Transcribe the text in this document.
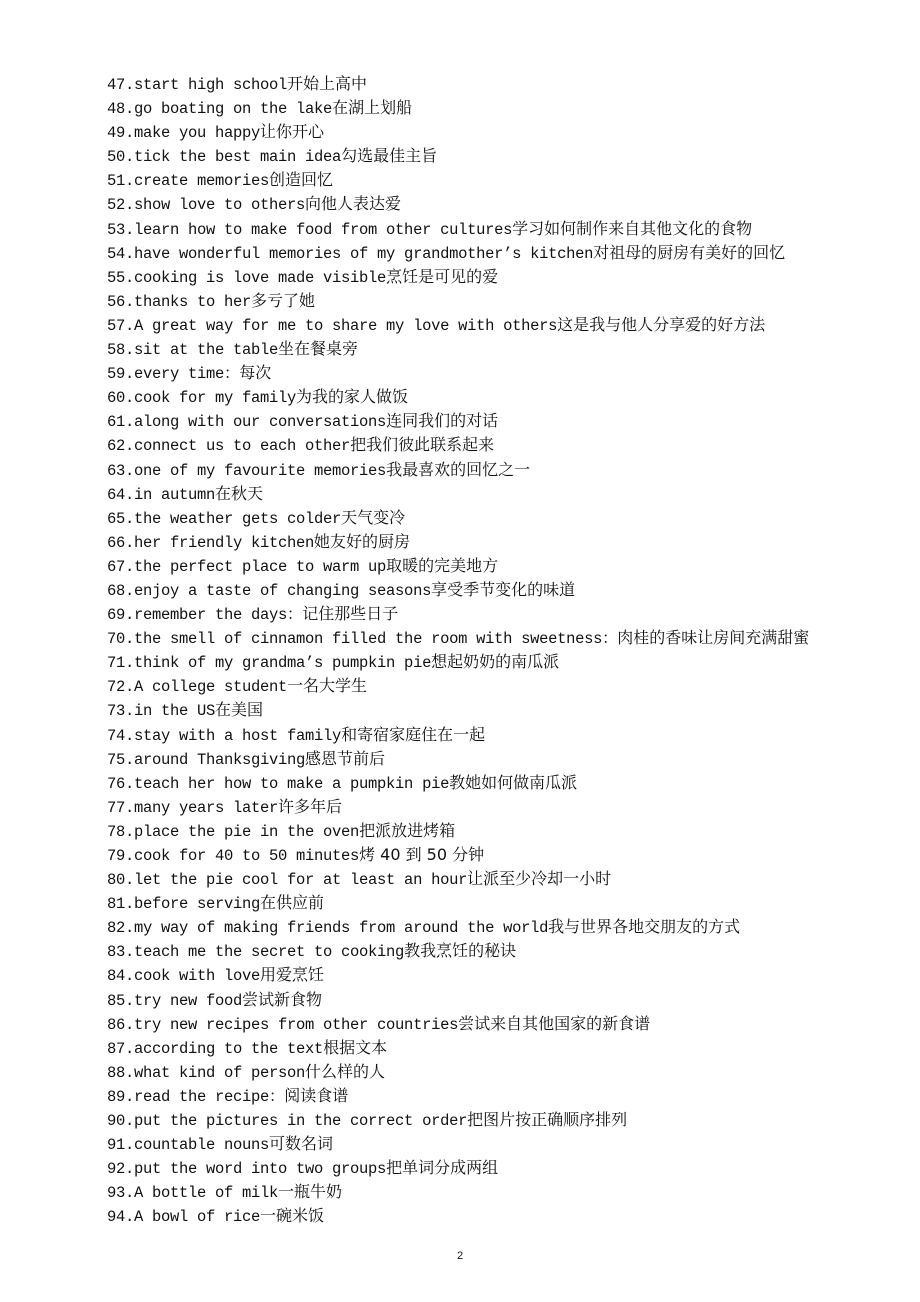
47.start high school开始上高中
48.go boating on the lake在湖上划船
49.make you happy让你开心
50.tick the best main idea勾选最佳主旨
51.create memories创造回忆
52.show love to others向他人表达爱
53.learn how to make food from other cultures学习如何制作来自其他文化的食物
54.have wonderful memories of my grandmother’s kitchen对祖母的厨房有美好的回忆
55.cooking is love made visible烹饪是可见的爱
56.thanks to her多亏了她
57.A great way for me to share my love with others这是我与他人分享爱的好方法
58.sit at the table坐在餐桌旁
59.every time：每次
60.cook for my family为我的家人做饭
61.along with our conversations连同我们的对话
62.connect us to each other把我们彼此联系起来
63.one of my favourite memories我最喜欢的回忆之一
64.in autumn在秋天
65.the weather gets colder天气变冷
66.her friendly kitchen她友好的厨房
67.the perfect place to warm up取暖的完美地方
68.enjoy a taste of changing seasons享受季节变化的味道
69.remember the days：记住那些日子
70.the smell of cinnamon filled the room with sweetness：肉桂的香味让房间充满甜蜜
71.think of my grandma’s pumpkin pie想起奶奶的南瓜派
72.A college student一名大学生
73.in the US在美国
74.stay with a host family和寄宿家庭住在一起
75.around Thanksgiving感恩节前后
76.teach her how to make a pumpkin pie教她如何做南瓜派
77.many years later许多年后
78.place the pie in the oven把派放进烤箱
79.cook for 40 to 50 minutes烤 40 到 50 分钟
80.let the pie cool for at least an hour让派至少冷却一小时
81.before serving在供应前
82.my way of making friends from around the world我与世界各地交朋友的方式
83.teach me the secret to cooking教我烹饪的秘诀
84.cook with love用爱烹饪
85.try new food尝试新食物
86.try new recipes from other countries尝试来自其他国家的新食谱
87.according to the text根据文本
88.what kind of person什么样的人
89.read the recipe：阅读食谱
90.put the pictures in the correct order把图片按正确顺序排列
91.countable nouns可数名词
92.put the word into two groups把单词分成两组
93.A bottle of milk一瓶牛奶
94.A bowl of rice一碗米饭
2
